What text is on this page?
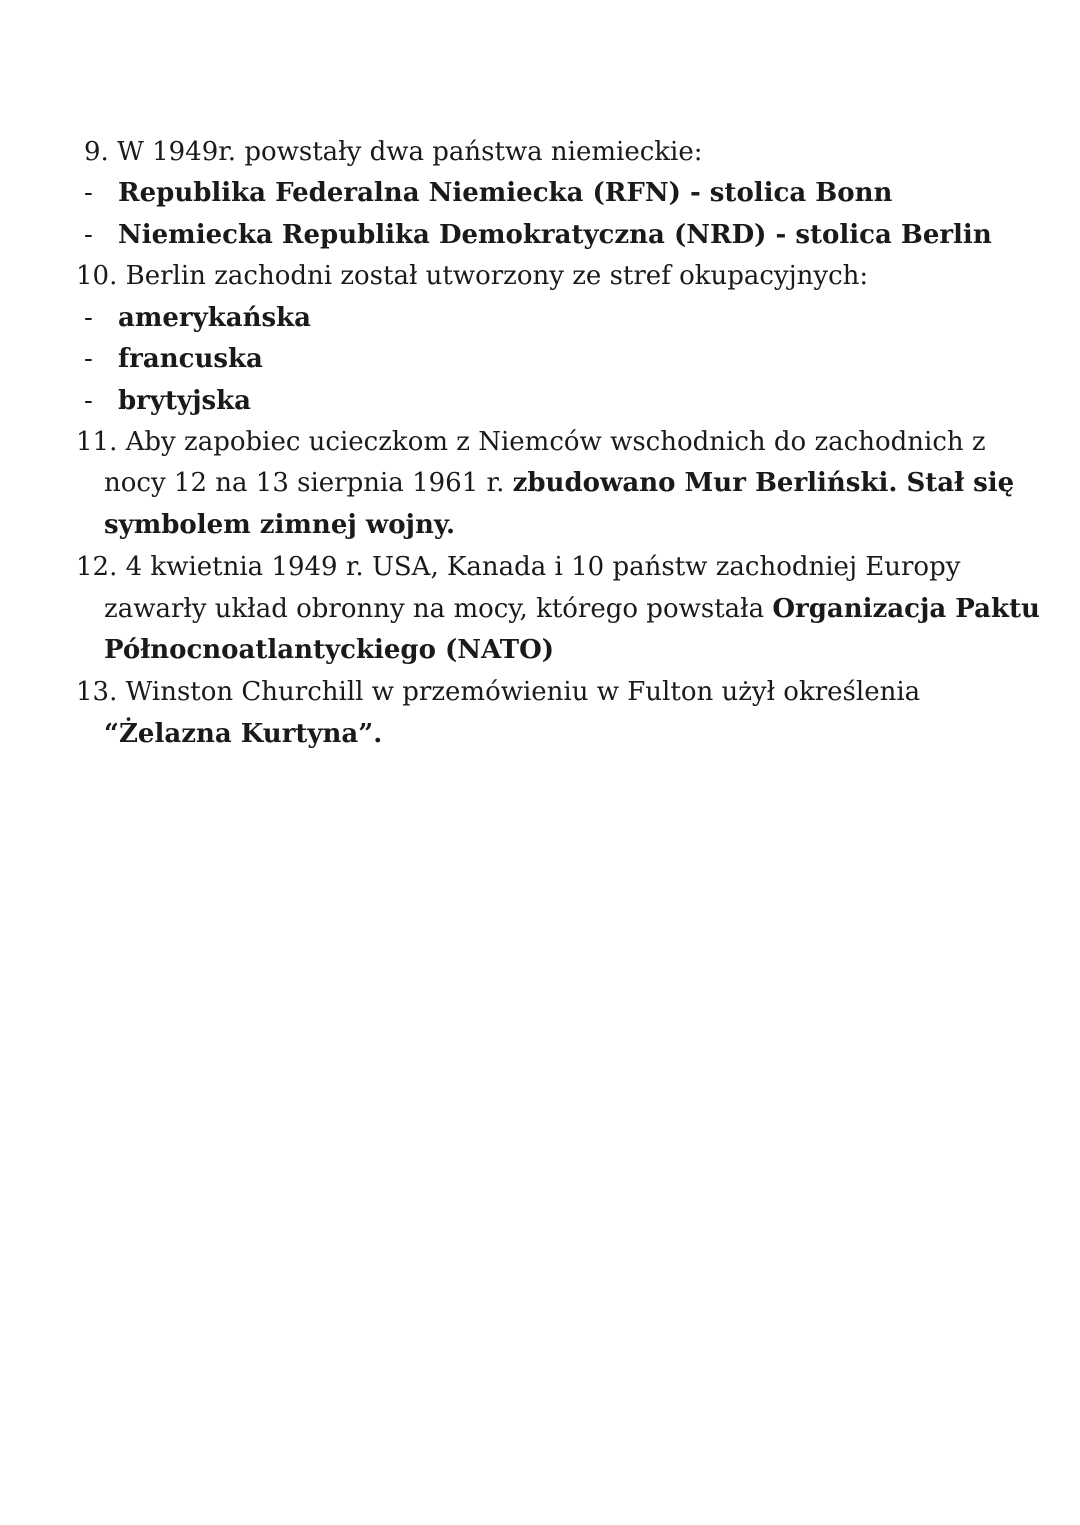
9. W 1949r. powstały dwa państwa niemieckie:
- Republika Federalna Niemiecka (RFN) - stolica Bonn
- Niemiecka Republika Demokratyczna (NRD) - stolica Berlin
10. Berlin zachodni został utworzony ze stref okupacyjnych:
- amerykańska
- francuska
- brytyjska
11. Aby zapobiec ucieczkom z Niemców wschodnich do zachodnich z
nocy 12 na 13 sierpnia 1961 r. zbudowano Mur Berliński. Stał się
symbolem zimnej wojny.
12. 4 kwietnia 1949 r. USA, Kanada i 10 państw zachodniej Europy
zawarły układ obronny na mocy, którego powstała Organizacja Paktu
Północnoatlantyckiego (NATO)
13. Winston Churchill w przemówieniu w Fulton użył określenia
“Żelazna Kurtyna”.
